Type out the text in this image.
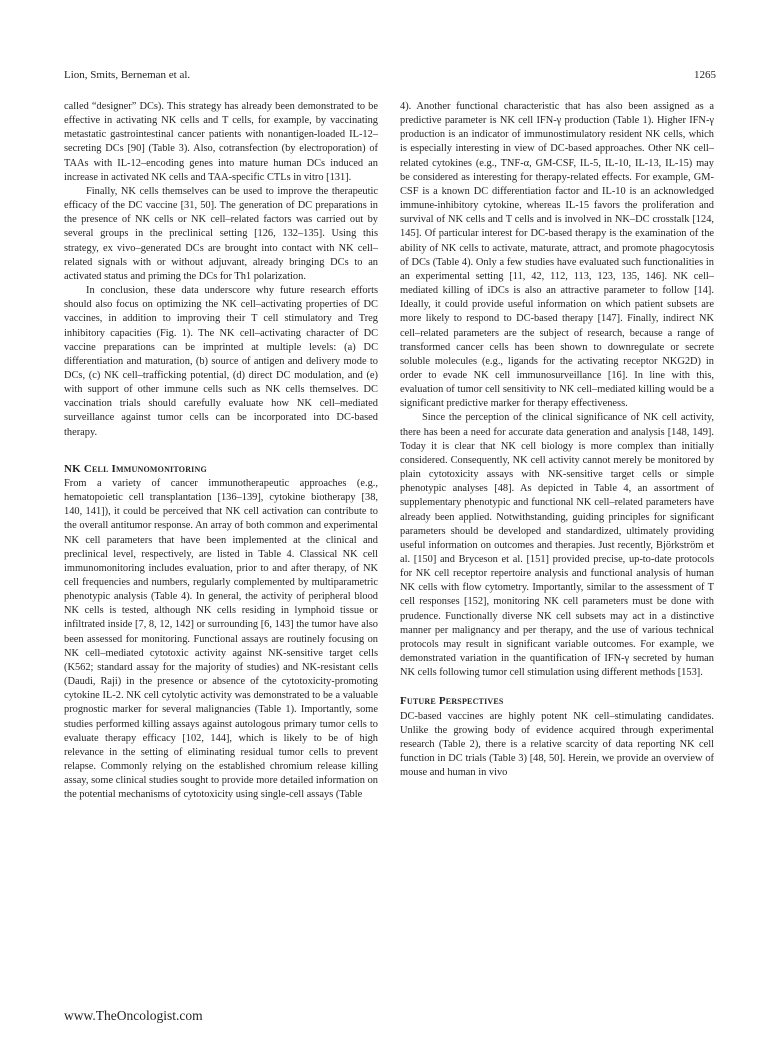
Lion, Smits, Berneman et al.	1265

called “designer” DCs). This strategy has already been demonstrated to be effective in activating NK cells and T cells, for example, by vaccinating metastatic gastrointestinal cancer patients with nonantigen-loaded IL-12–secreting DCs [90] (Table 3). Also, cotransfection (by electroporation) of TAAs with IL-12–encoding genes into mature human DCs induced an increase in activated NK cells and TAA-specific CTLs in vitro [131].

Finally, NK cells themselves can be used to improve the therapeutic efficacy of the DC vaccine [31, 50]. The generation of DC preparations in the presence of NK cells or NK cell–related factors was carried out by several groups in the preclinical setting [126, 132–135]. Using this strategy, ex vivo–generated DCs are brought into contact with NK cell–related signals with or without adjuvant, already bringing DCs to an activated status and priming the DCs for Th1 polarization.

In conclusion, these data underscore why future research efforts should also focus on optimizing the NK cell–activating properties of DC vaccines, in addition to improving their T cell stimulatory and Treg inhibitory capacities (Fig. 1). The NK cell–activating character of DC vaccine preparations can be imprinted at multiple levels: (a) DC differentiation and maturation, (b) source of antigen and delivery mode to DCs, (c) NK cell–trafficking potential, (d) direct DC modulation, and (e) with support of other immune cells such as NK cells themselves. DC vaccination trials should carefully evaluate how NK cell–mediated surveillance against tumor cells can be incorporated into DC-based therapy.

NK Cell Immunomonitoring

From a variety of cancer immunotherapeutic approaches (e.g., hematopoietic cell transplantation [136–139], cytokine biotherapy [38, 140, 141]), it could be perceived that NK cell activation can contribute to the overall antitumor response. An array of both common and experimental NK cell parameters that have been implemented at the clinical and preclinical level, respectively, are listed in Table 4. Classical NK cell immunomonitoring includes evaluation, prior to and after therapy, of NK cell frequencies and numbers, regularly complemented by multiparametric phenotypic analysis (Table 4). In general, the activity of peripheral blood NK cells is tested, although NK cells residing in lymphoid tissue or infiltrated inside [7, 8, 12, 142] or surrounding [6, 143] the tumor have also been assessed for monitoring. Functional assays are routinely focusing on NK cell–mediated cytotoxic activity against NK-sensitive target cells (K562; standard assay for the majority of studies) and NK-resistant cells (Daudi, Raji) in the presence or absence of the cytotoxicity-promoting cytokine IL-2. NK cell cytolytic activity was demonstrated to be a valuable prognostic marker for several malignancies (Table 1). Importantly, some studies performed killing assays against autologous primary tumor cells to evaluate therapy efficacy [102, 144], which is likely to be of high relevance in the setting of eliminating residual tumor cells to prevent relapse. Commonly relying on the established chromium release killing assay, some clinical studies sought to provide more detailed information on the potential mechanisms of cytotoxicity using single-cell assays (Table

4). Another functional characteristic that has also been assigned as a predictive parameter is NK cell IFN-γ production (Table 1). Higher IFN-γ production is an indicator of immunostimulatory resident NK cells, which is especially interesting in view of DC-based approaches. Other NK cell–related cytokines (e.g., TNF-α, GM-CSF, IL-5, IL-10, IL-13, IL-15) may be considered as interesting for therapy-related effects. For example, GM-CSF is a known DC differentiation factor and IL-10 is an acknowledged immune-inhibitory cytokine, whereas IL-15 favors the proliferation and survival of NK cells and T cells and is involved in NK–DC crosstalk [124, 145]. Of particular interest for DC-based therapy is the examination of the ability of NK cells to activate, maturate, attract, and promote phagocytosis of DCs (Table 4). Only a few studies have evaluated such functionalities in an experimental setting [11, 42, 112, 113, 123, 135, 146]. NK cell–mediated killing of iDCs is also an attractive parameter to follow [14]. Ideally, it could provide useful information on which patient subsets are more likely to respond to DC-based therapy [147]. Finally, indirect NK cell–related parameters are the subject of research, because a range of transformed cancer cells has been shown to downregulate or secrete soluble molecules (e.g., ligands for the activating receptor NKG2D) in order to evade NK cell immunosurveillance [16]. In line with this, evaluation of tumor cell sensitivity to NK cell–mediated killing would be a significant predictive marker for therapy effectiveness.

Since the perception of the clinical significance of NK cell activity, there has been a need for accurate data generation and analysis [148, 149]. Today it is clear that NK cell biology is more complex than initially considered. Consequently, NK cell activity cannot merely be monitored by plain cytotoxicity assays with NK-sensitive target cells or simple phenotypic analyses [48]. As depicted in Table 4, an assortment of supplementary phenotypic and functional NK cell–related parameters have already been applied. Notwithstanding, guiding principles for significant parameters should be developed and standardized, ultimately providing useful information on outcomes and therapies. Just recently, Björkström et al. [150] and Bryceson et al. [151] provided precise, up-to-date protocols for NK cell receptor repertoire analysis and functional analysis of human NK cells with flow cytometry. Importantly, similar to the assessment of T cell responses [152], monitoring NK cell parameters must be done with prudence. Functionally diverse NK cell subsets may act in a distinctive manner per malignancy and per therapy, and the use of various technical protocols may result in significant variable outcomes. For example, we demonstrated variation in the quantification of IFN-γ secreted by human NK cells following tumor cell stimulation using different methods [153].

Future Perspectives

DC-based vaccines are highly potent NK cell–stimulating candidates. Unlike the growing body of evidence acquired through experimental research (Table 2), there is a relative scarcity of data reporting NK cell function in DC trials (Table 3) [48, 50]. Herein, we provide an overview of mouse and human in vivo

www.TheOncologist.com
